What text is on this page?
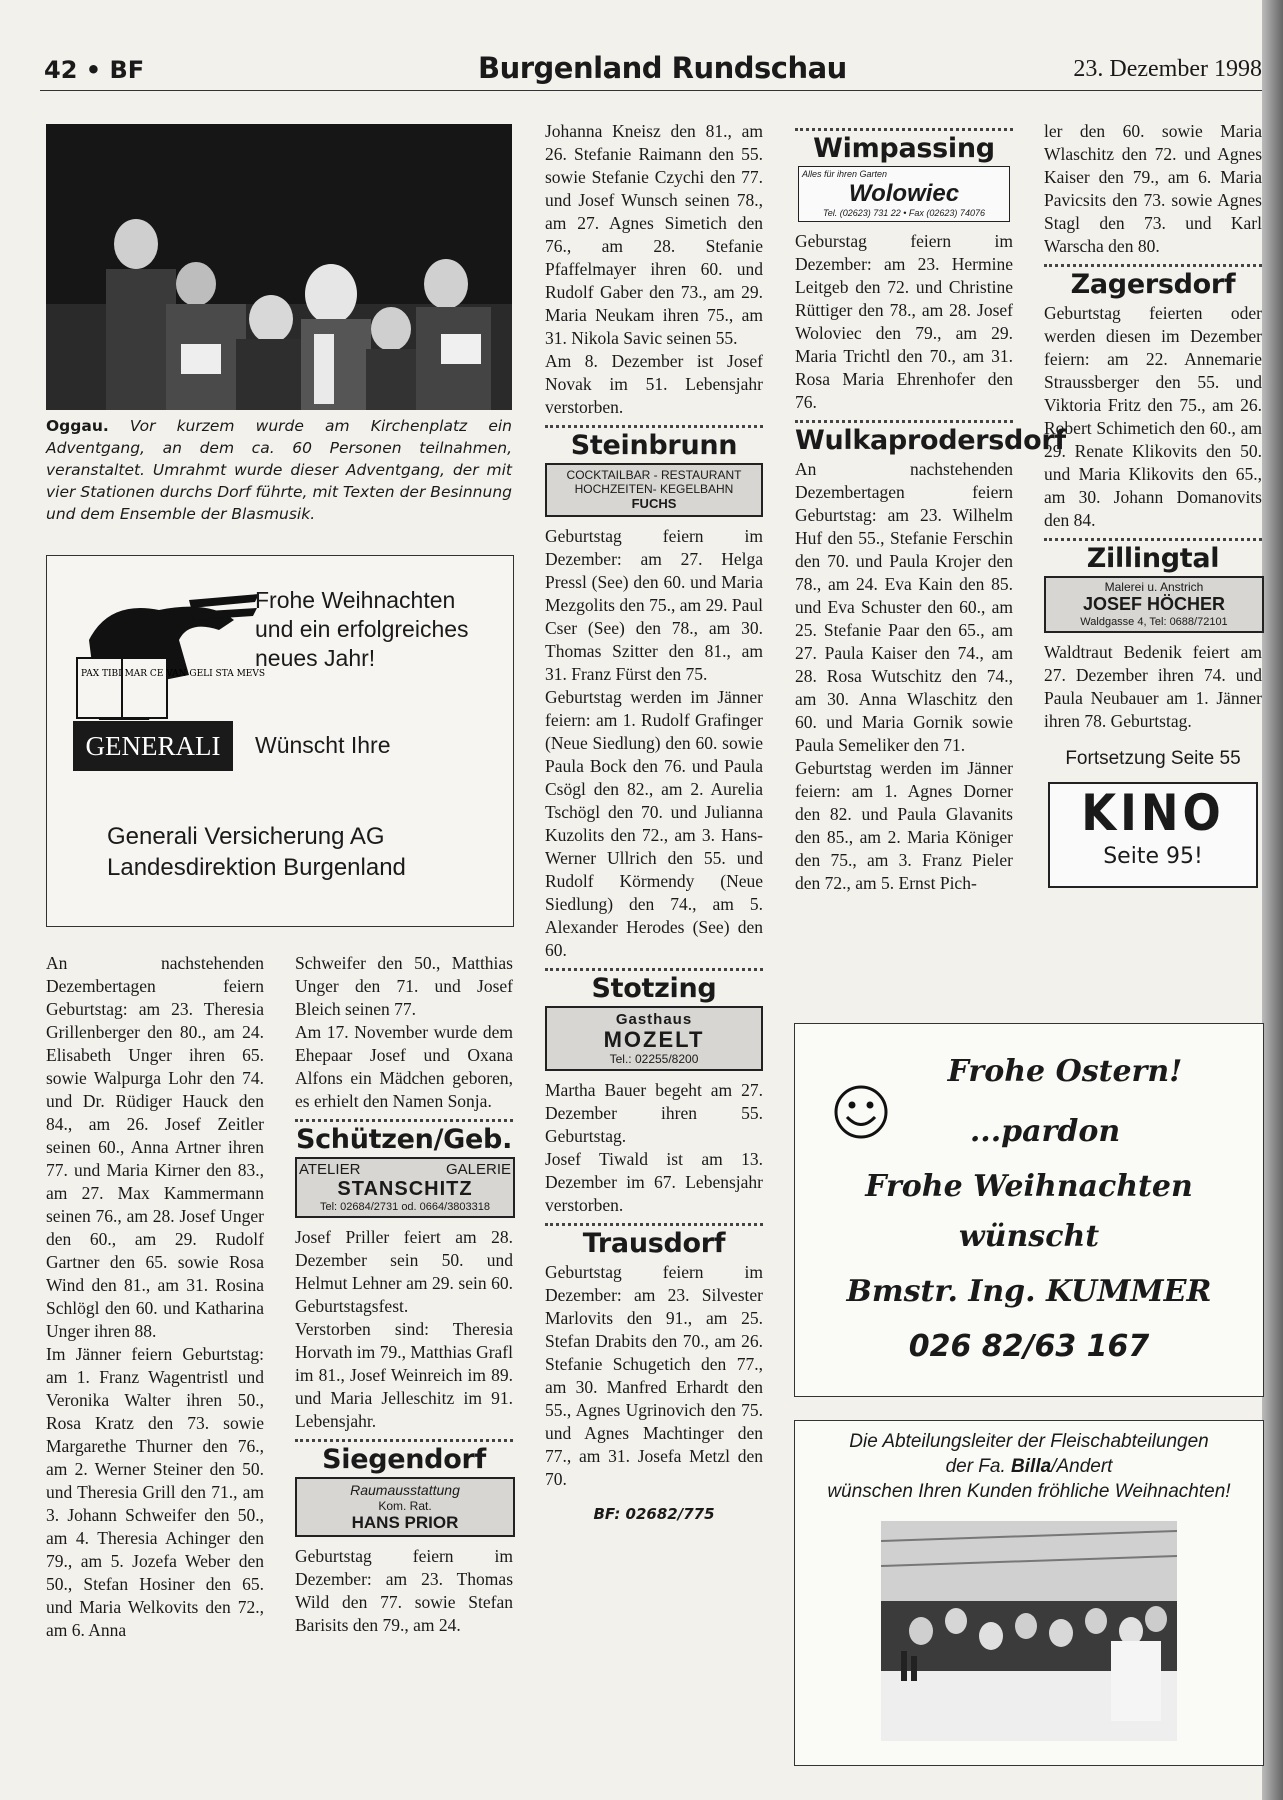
42 • BF	Burgenland Rundschau	23. Dezember 1998
Oggau. Vor kurzem wurde am Kirchenplatz ein Adventgang, an dem ca. 60 Personen teilnahmen, veranstaltet. Umrahmt wurde dieser Adventgang, der mit vier Stationen durchs Dorf führte, mit Texten der Besinnung und dem Ensemble der Blasmusik.
PAX TIBI MAR CE VAN GELI STA MEVS
GENERALI
Frohe Weihnachten
und ein erfolgreiches
neues Jahr!
Wünscht Ihre
Generali Versicherung AG
Landesdirektion Burgenland

An nachstehenden Dezembertagen feiern Geburtstag: am 23. Theresia Grillenberger den 80., am 24. Elisabeth Unger ihren 65. sowie Walpurga Lohr den 74. und Dr. Rüdiger Hauck den 84., am 26. Josef Zeitler seinen 60., Anna Artner ihren 77. und Maria Kirner den 83., am 27. Max Kammermann seinen 76., am 28. Josef Unger den 60., am 29. Rudolf Gartner den 65. sowie Rosa Wind den 81., am 31. Rosina Schlögl den 60. und Katharina Unger ihren 88.

Im Jänner feiern Geburtstag: am 1. Franz Wagentristl und Veronika Walter ihren 50., Rosa Kratz den 73. sowie Margarethe Thurner den 76., am 2. Werner Steiner den 50. und Theresia Grill den 71., am 3. Johann Schweifer den 50., am 4. Theresia Achinger den 79., am 5. Jozefa Weber den 50., Stefan Hosiner den 65. und Maria Welkovits den 72., am 6. Anna

Schweifer den 50., Matthias Unger den 71. und Josef Bleich seinen 77.

Am 17. November wurde dem Ehepaar Josef und Oxana Alfons ein Mädchen geboren, es erhielt den Namen Sonja.

Schützen/Geb.
ATELIER	GALERIE
STANSCHITZ
Tel: 02684/2731 od. 0664/3803318

Josef Priller feiert am 28. Dezember sein 50. und Helmut Lehner am 29. sein 60. Geburtstagsfest.

Verstorben sind: Theresia Horvath im 79., Matthias Grafl im 81., Josef Weinreich im 89. und Maria Jelleschitz im 91. Lebensjahr.

Siegendorf
Raumausstattung
Kom. Rat.
HANS PRIOR

Geburtstag feiern im Dezember: am 23. Thomas Wild den 77. sowie Stefan Barisits den 79., am 24.

Johanna Kneisz den 81., am 26. Stefanie Raimann den 55. sowie Stefanie Czychi den 77. und Josef Wunsch seinen 78., am 27. Agnes Simetich den 76., am 28. Stefanie Pfaffelmayer ihren 60. und Rudolf Gaber den 73., am 29. Maria Neukam ihren 75., am 31. Nikola Savic seinen 55.

Am 8. Dezember ist Josef Novak im 51. Lebensjahr verstorben.

Steinbrunn
COCKTAILBAR - RESTAURANT
HOCHZEITEN- KEGELBAHN
FUCHS

Geburtstag feiern im Dezember: am 27. Helga Pressl (See) den 60. und Maria Mezgolits den 75., am 29. Paul Cser (See) den 78., am 30. Thomas Szitter den 81., am 31. Franz Fürst den 75.

Geburtstag werden im Jänner feiern: am 1. Rudolf Grafinger (Neue Siedlung) den 60. sowie Paula Bock den 76. und Paula Csögl den 82., am 2. Aurelia Tschögl den 70. und Julianna Kuzolits den 72., am 3. Hans-Werner Ullrich den 55. und Rudolf Körmendy (Neue Siedlung) den 74., am 5. Alexander Herodes (See) den 60.

Stotzing
Gasthaus
MOZELT
Tel.: 02255/8200

Martha Bauer begeht am 27. Dezember ihren 55. Geburtstag.

Josef Tiwald ist am 13. Dezember im 67. Lebensjahr verstorben.

Trausdorf

Geburtstag feiern im Dezember: am 23. Silvester Marlovits den 91., am 25. Stefan Drabits den 70., am 26. Stefanie Schugetich den 77., am 30. Manfred Erhardt den 55., Agnes Ugrinovich den 75. und Agnes Machtinger den 77., am 31. Josefa Metzl den 70.

BF: 02682/775
Wimpassing
Alles für ihren Garten
Wolowiec
Tel. (02623) 731 22 • Fax (02623) 74076

Geburstag feiern im Dezember: am 23. Hermine Leitgeb den 72. und Christine Rüttiger den 78., am 28. Josef Woloviec den 79., am 29. Maria Trichtl den 70., am 31. Rosa Maria Ehrenhofer den 76.

Wulkaprodersdorf

An nachstehenden Dezembertagen feiern Geburtstag: am 23. Wilhelm Huf den 55., Stefanie Ferschin den 70. und Paula Krojer den 78., am 24. Eva Kain den 85. und Eva Schuster den 60., am 25. Stefanie Paar den 65., am 27. Paula Kaiser den 74., am 28. Rosa Wutschitz den 74., am 30. Anna Wlaschitz den 60. und Maria Gornik sowie Paula Semeliker den 71.

Geburtstag werden im Jänner feiern: am 1. Agnes Dorner den 82. und Paula Glavanits den 85., am 2. Maria Königer den 75., am 3. Franz Pieler den 72., am 5. Ernst Pich-

ler den 60. sowie Maria Wlaschitz den 72. und Agnes Kaiser den 79., am 6. Maria Pavicsits den 73. sowie Agnes Stagl den 73. und Karl Warscha den 80.

Zagersdorf

Geburtstag feierten oder werden diesen im Dezember feiern: am 22. Annemarie Straussberger den 55. und Viktoria Fritz den 75., am 26. Robert Schimetich den 60., am 29. Renate Klikovits den 50. und Maria Klikovits den 65., am 30. Johann Domanovits den 84.

Zillingtal
Malerei u. Anstrich
JOSEF HÖCHER
Waldgasse 4, Tel: 0688/72101

Waldtraut Bedenik feiert am 27. Dezember ihren 74. und Paula Neubauer am 1. Jänner ihren 78. Geburtstag.

Fortsetzung Seite 55
KINO
Seite 95!
Frohe Ostern!
...pardon
Frohe Weihnachten
wünscht
Bmstr. Ing. KUMMER
026 82/63 167
Die Abteilungsleiter der Fleischabteilungen
der Fa. Billa/Andert
wünschen Ihren Kunden fröhliche Weihnachten!
